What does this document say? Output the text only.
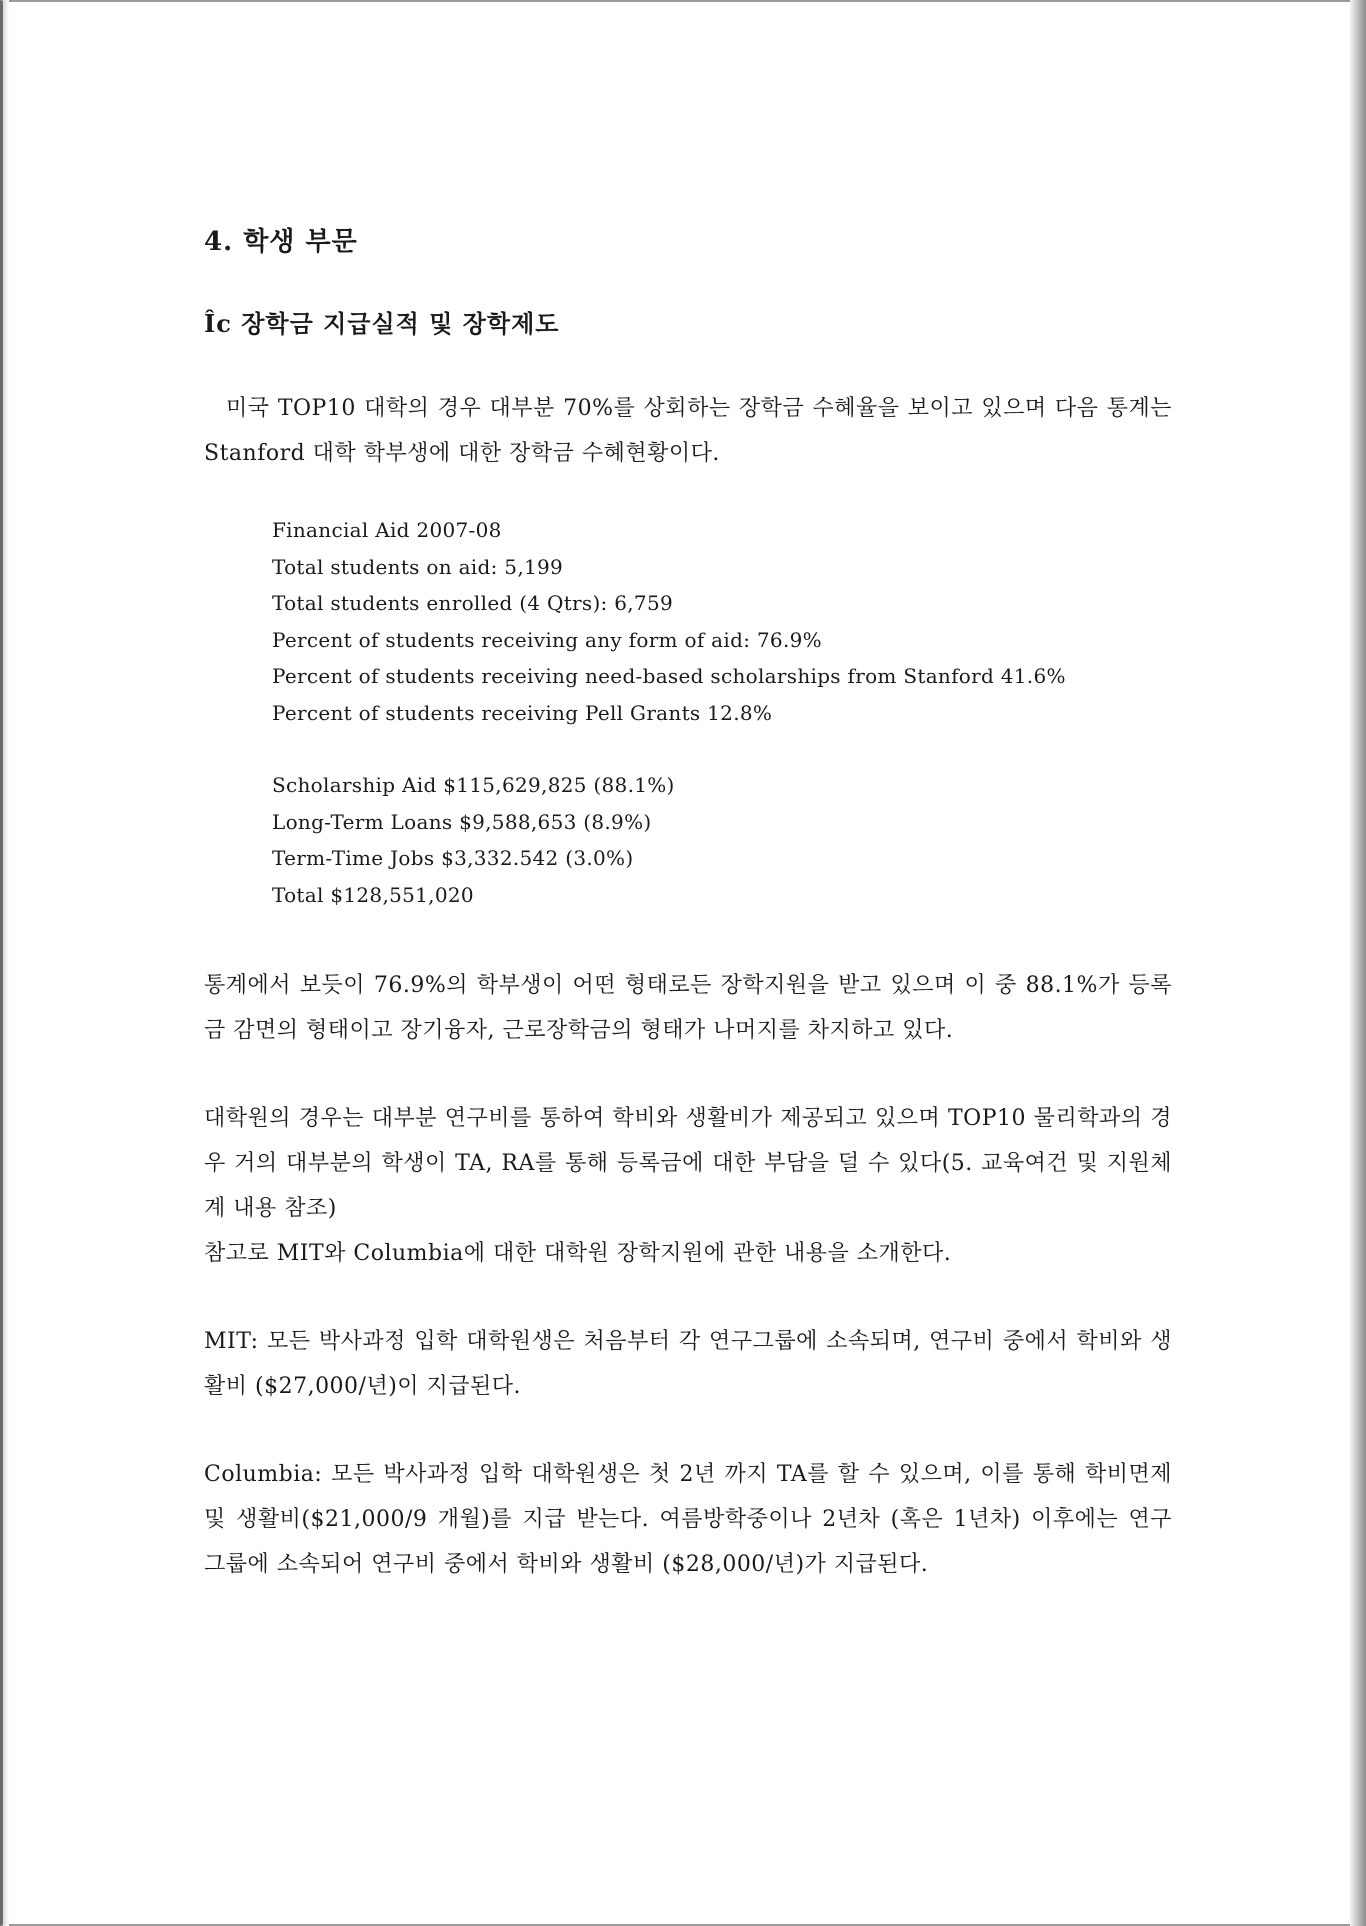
4. 학생 부문
Îc 장학금 지급실적 및 장학제도

미국 TOP10 대학의 경우 대부분 70%를 상회하는 장학금 수혜율을 보이고 있으며 다음 통계는 Stanford 대학 학부생에 대한 장학금 수혜현황이다.

Financial Aid 2007-08
Total students on aid: 5,199
Total students enrolled (4 Qtrs): 6,759
Percent of students receiving any form of aid: 76.9%
Percent of students receiving need-based scholarships from Stanford 41.6%
Percent of students receiving Pell Grants 12.8%
Scholarship Aid $115,629,825 (88.1%)
Long-Term Loans $9,588,653 (8.9%)
Term-Time Jobs $3,332.542 (3.0%)
Total $128,551,020

통계에서 보듯이 76.9%의 학부생이 어떤 형태로든 장학지원을 받고 있으며 이 중 88.1%가 등록금 감면의 형태이고 장기융자, 근로장학금의 형태가 나머지를 차지하고 있다.

대학원의 경우는 대부분 연구비를 통하여 학비와 생활비가 제공되고 있으며 TOP10 물리학과의 경우 거의 대부분의 학생이 TA, RA를 통해 등록금에 대한 부담을 덜 수 있다(5. 교육여건 및 지원체계 내용 참조)

참고로 MIT와 Columbia에 대한 대학원 장학지원에 관한 내용을 소개한다.

MIT: 모든 박사과정 입학 대학원생은 처음부터 각 연구그룹에 소속되며, 연구비 중에서 학비와 생활비 ($27,000/년)이 지급된다.

Columbia: 모든 박사과정 입학 대학원생은 첫 2년 까지 TA를 할 수 있으며, 이를 통해 학비면제 및 생활비($21,000/9 개월)를 지급 받는다. 여름방학중이나 2년차 (혹은 1년차) 이후에는 연구 그룹에 소속되어 연구비 중에서 학비와 생활비 ($28,000/년)가 지급된다.
